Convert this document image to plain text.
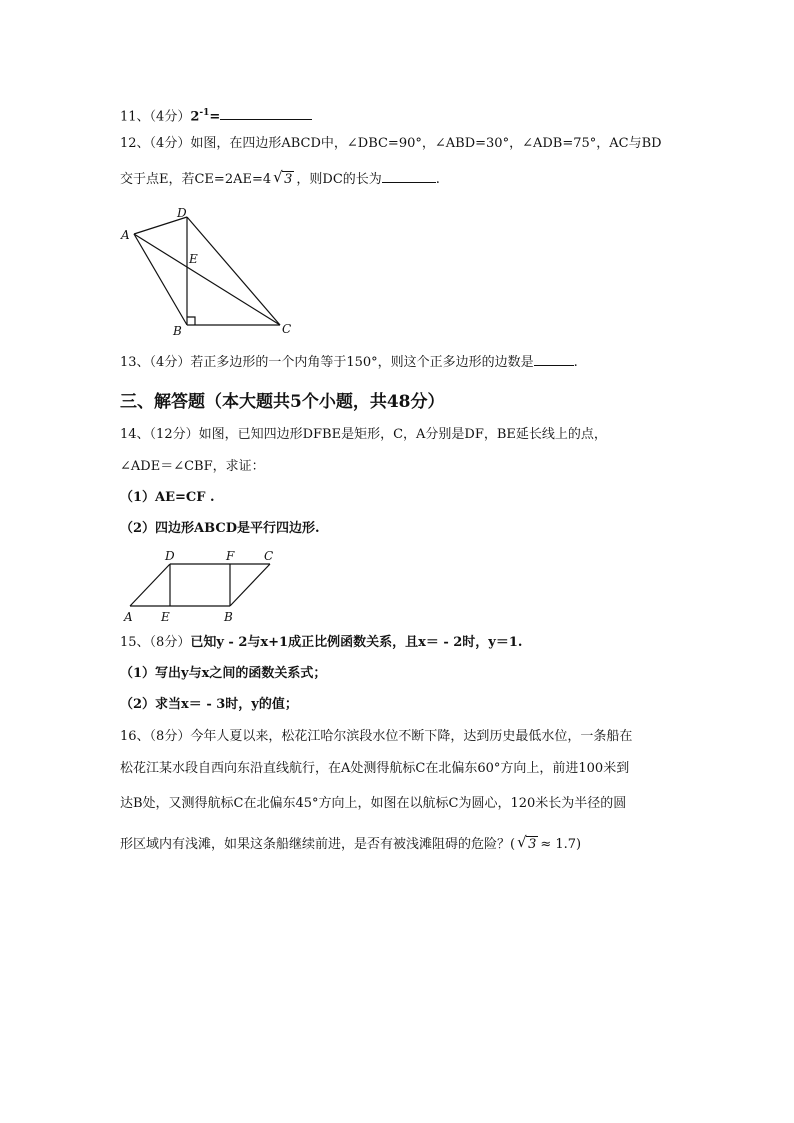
11、（4分）$2^{-1}=$
12、（4分）如图，在四边形ABCD中，∠DBC=90°，∠ABD=30°，∠ADB=75°，AC与BD
交于点E，若CE=2AE=4 √ 3 ，则DC的长为	.
A
D
E
B	C
13、（4分）若正多边形的一个内角等于150°，则这个正多边形的边数是	.
三、解答题（本大题共5个小题，共48分）
14、（12分）如图，已知四边形DFBE是矩形，C，A分别是DF，BE延长线上的点，
∠ADE＝∠CBF，求证：
（1）AE=CF .
（2）四边形ABCD是平行四边形.
A E	B
D	F C
15、（8分）已知y - 2与x+1成正比例函数关系，且x＝ - 2时，y＝1.
（1）写出y与x之间的函数关系式；
（2）求当x＝ - 3时，y的值；
16、（8分）今年人夏以来，松花江哈尔滨段水位不断下降，达到历史最低水位，一条船在
松花江某水段自西向东沿直线航行，在A处测得航标C在北偏东60°方向上，前进100米到
达B处，又测得航标C在北偏东45°方向上，如图在以航标C为圆心，120米长为半径的圆
形区域内有浅滩，如果这条船继续前进，是否有被浅滩阻碍的危险？( √ 3 ≈ 1.7)
